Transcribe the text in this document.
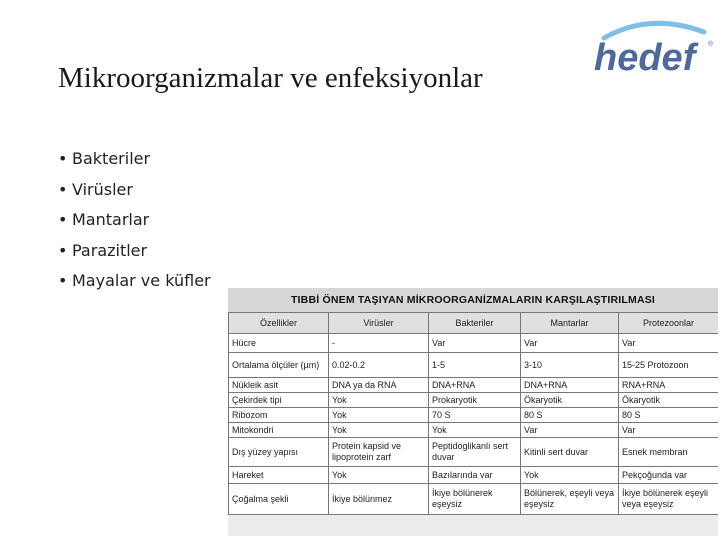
Mikroorganizmalar ve enfeksiyonlar	hedef	®
• Bakteriler
• Virüsler
• Mantarlar
• Parazitler
• Mayalar ve küfler
TIBBİ ÖNEM TAŞIYAN MİKROORGANİZMALARIN KARŞILAŞTIRILMASI
Özellikler	Virüsler	Bakteriler	Mantarlar	Protezoonlar
Hücre	-	Var	Var	Var
Ortalama ölçüler (µm)	0.02-0.2	1-5	3-10	15-25 Protozoon
Nükleik asit	DNA ya da RNA	DNA+RNA	DNA+RNA	RNA+RNA
Çekirdek tipi	Yok	Prokaryotik	Ökaryotik	Ökaryotik
Ribozom	Yok	70 S	80 S	80 S
Mitokondri	Yok	Yok	Var	Var
Dış yüzey yapısı	Protein kapsid ve lipoprotein zarf	Peptidoglikanlı sert duvar	Kitinli sert duvar	Esnek membran
Hareket	Yok	Bazılarında var	Yok	Pekçoğunda var
Çoğalma şekli	İkiye bölünmez	İkiye bölünerek eşeysiz	Bölünerek, eşeyli veya eşeysiz	İkiye bölünerek eşeyli veya eşeysiz
